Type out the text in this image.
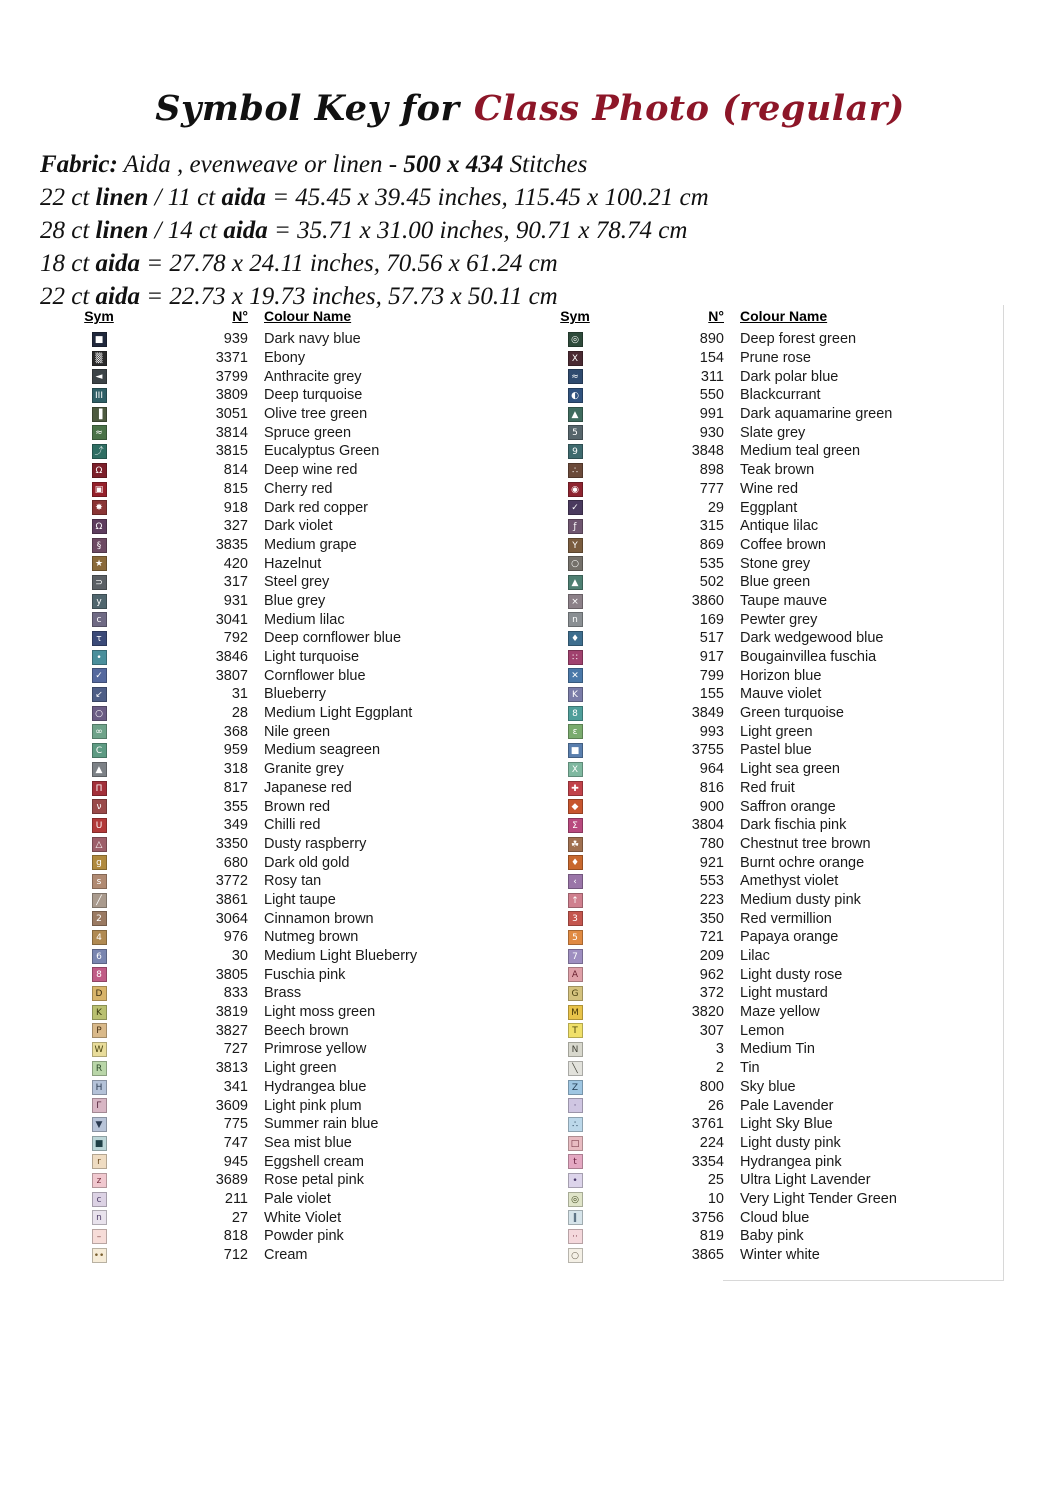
Symbol Key for Class Photo (regular)
Fabric: Aida , evenweave or linen - 500 x 434 Stitches
22 ct linen / 11 ct aida = 45.45 x 39.45 inches, 115.45 x 100.21 cm
28 ct linen / 14 ct aida = 35.71 x 31.00 inches, 90.71 x 78.74 cm
18 ct aida = 27.78 x 24.11 inches, 70.56 x 61.24 cm
22 ct aida = 22.73 x 19.73 inches, 57.73 x 50.11 cm
Sym	N°	Colour Name
■	939	Dark navy blue
▒	3371	Ebony
◄	3799	Anthracite grey
III	3809	Deep turquoise
▐	3051	Olive tree green
≈	3814	Spruce green
⤴	3815	Eucalyptus Green
Ω	814	Deep wine red
▣	815	Cherry red
✸	918	Dark red copper
Ω	327	Dark violet
§	3835	Medium grape
★	420	Hazelnut
⊃	317	Steel grey
y	931	Blue grey
c	3041	Medium lilac
τ	792	Deep cornflower blue
•	3846	Light turquoise
✓	3807	Cornflower blue
↙	31	Blueberry
○	28	Medium Light Eggplant
∞	368	Nile green
C	959	Medium seagreen
▲	318	Granite grey
Π	817	Japanese red
ν	355	Brown red
U	349	Chilli red
△	3350	Dusty raspberry
g	680	Dark old gold
s	3772	Rosy tan
╱	3861	Light taupe
2	3064	Cinnamon brown
4	976	Nutmeg brown
6	30	Medium Light Blueberry
8	3805	Fuschia pink
D	833	Brass
K	3819	Light moss green
P	3827	Beech brown
W	727	Primrose yellow
R	3813	Light green
H	341	Hydrangea blue
Г	3609	Light pink plum
▼	775	Summer rain blue
■	747	Sea mist blue
r	945	Eggshell cream
z	3689	Rose petal pink
c	211	Pale violet
n	27	White Violet
–	818	Powder pink
••	712	Cream
Sym	N°	Colour Name
◎	890	Deep forest green
X	154	Prune rose
≈	311	Dark polar blue
◐	550	Blackcurrant
▲	991	Dark aquamarine green
5	930	Slate grey
9	3848	Medium teal green
∴	898	Teak brown
◉	777	Wine red
✓	29	Eggplant
ƒ	315	Antique lilac
Y	869	Coffee brown
○	535	Stone grey
▲	502	Blue green
×	3860	Taupe mauve
n	169	Pewter grey
♦	517	Dark wedgewood blue
∷	917	Bougainvillea fuschia
✕	799	Horizon blue
K	155	Mauve violet
8	3849	Green turquoise
ε	993	Light green
■	3755	Pastel blue
X	964	Light sea green
✚	816	Red fruit
◆	900	Saffron orange
Σ	3804	Dark fischia pink
☘	780	Chestnut tree brown
♦	921	Burnt ochre orange
‹	553	Amethyst violet
↑	223	Medium dusty pink
3	350	Red vermillion
5	721	Papaya orange
7	209	Lilac
A	962	Light dusty rose
G	372	Light mustard
M	3820	Maze yellow
T	307	Lemon
N	3	Medium Tin
╲	2	Tin
Z	800	Sky blue
·	26	Pale Lavender
∴	3761	Light Sky Blue
□	224	Light dusty pink
t	3354	Hydrangea pink
•	25	Ultra Light Lavender
◎	10	Very Light Tender Green
‖	3756	Cloud blue
··	819	Baby pink
○	3865	Winter white
